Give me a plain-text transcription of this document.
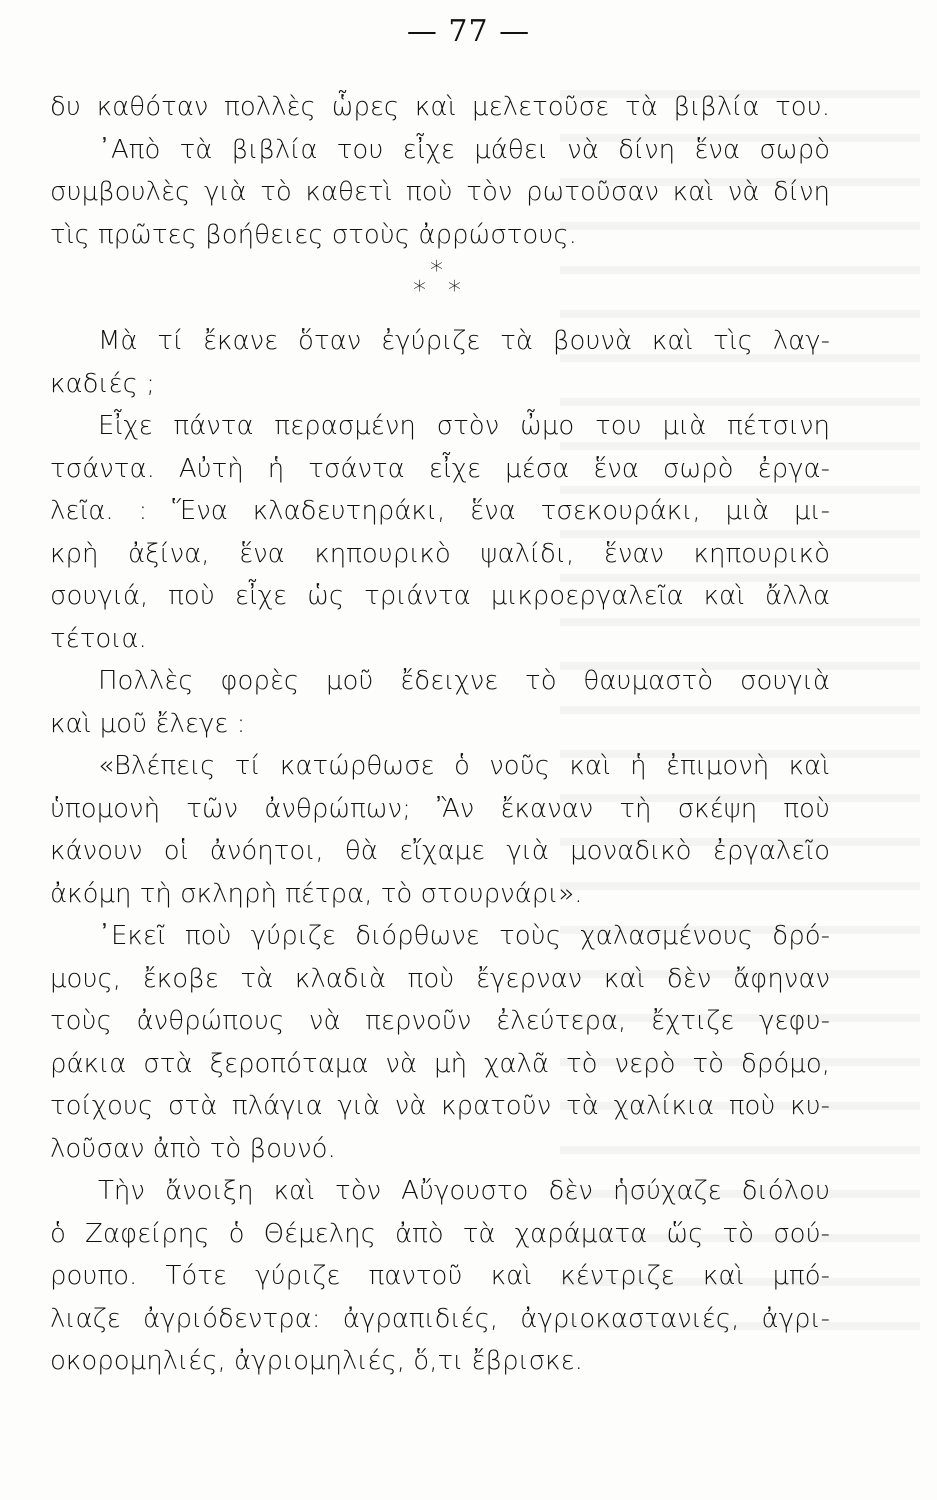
— 77 —
δυ καθόταν πολλὲς ὧρες καὶ μελετοῦσε τὰ βιβλία του.
᾿Απὸ τὰ βιβλία του εἶχε μάθει νὰ δίνη ἕνα σωρὸ
συμβουλὲς γιὰ τὸ καθετὶ ποὺ τὸν ρωτοῦσαν καὶ νὰ δίνη
τὶς πρῶτες βοήθειες στοὺς ἀρρώστους.
*
* *
Μὰ τί ἔκανε ὅταν ἐγύριζε τὰ βουνὰ καὶ τὶς λαγ-
καδιές ;
Εἶχε πάντα περασμένη στὸν ὦμο του μιὰ πέτσινη
τσάντα. Αὐτὴ ἡ τσάντα εἶχε μέσα ἕνα σωρὸ ἐργα-
λεῖα. : Ἕνα κλαδευτηράκι, ἕνα τσεκουράκι, μιὰ μι-
κρὴ ἀξίνα, ἕνα κηπουρικὸ ψαλίδι, ἕναν κηπουρικὸ
σουγιά, ποὺ εἶχε ὡς τριάντα μικροεργαλεῖα καὶ ἄλλα
τέτοια.
Πολλὲς φορὲς μοῦ ἔδειχνε τὸ θαυμαστὸ σουγιὰ
καὶ μοῦ ἔλεγε :
«Βλέπεις τί κατώρθωσε ὁ νοῦς καὶ ἡ ἐπιμονὴ καὶ
ὑπομονὴ τῶν ἀνθρώπων; Ἂν ἔκαναν τὴ σκέψη ποὺ
κάνουν οἱ ἀνόητοι, θὰ εἴχαμε γιὰ μοναδικὸ ἐργαλεῖο
ἀκόμη τὴ σκληρὴ πέτρα, τὸ στουρνάρι».
᾿Εκεῖ ποὺ γύριζε διόρθωνε τοὺς χαλασμένους δρό-
μους, ἔκοβε τὰ κλαδιὰ ποὺ ἔγερναν καὶ δὲν ἄφηναν
τοὺς ἀνθρώπους νὰ περνοῦν ἐλεύτερα, ἔχτιζε γεφυ-
ράκια στὰ ξεροπόταμα νὰ μὴ χαλᾶ τὸ νερὸ τὸ δρόμο,
τοίχους στὰ πλάγια γιὰ νὰ κρατοῦν τὰ χαλίκια ποὺ κυ-
λοῦσαν ἀπὸ τὸ βουνό.
Τὴν ἄνοιξη καὶ τὸν Αὔγουστο δὲν ἡσύχαζε διόλου
ὁ Ζαφείρης ὁ Θέμελης ἀπὸ τὰ χαράματα ὥς τὸ σού-
ρουπο. Τότε γύριζε παντοῦ καὶ κέντριζε καὶ μπό-
λιαζε ἀγριόδεντρα: ἀγραπιδιές, ἀγριοκαστανιές, ἀγρι-
οκορομηλιές, ἀγριομηλιές, ὅ,τι ἔβρισκε.
